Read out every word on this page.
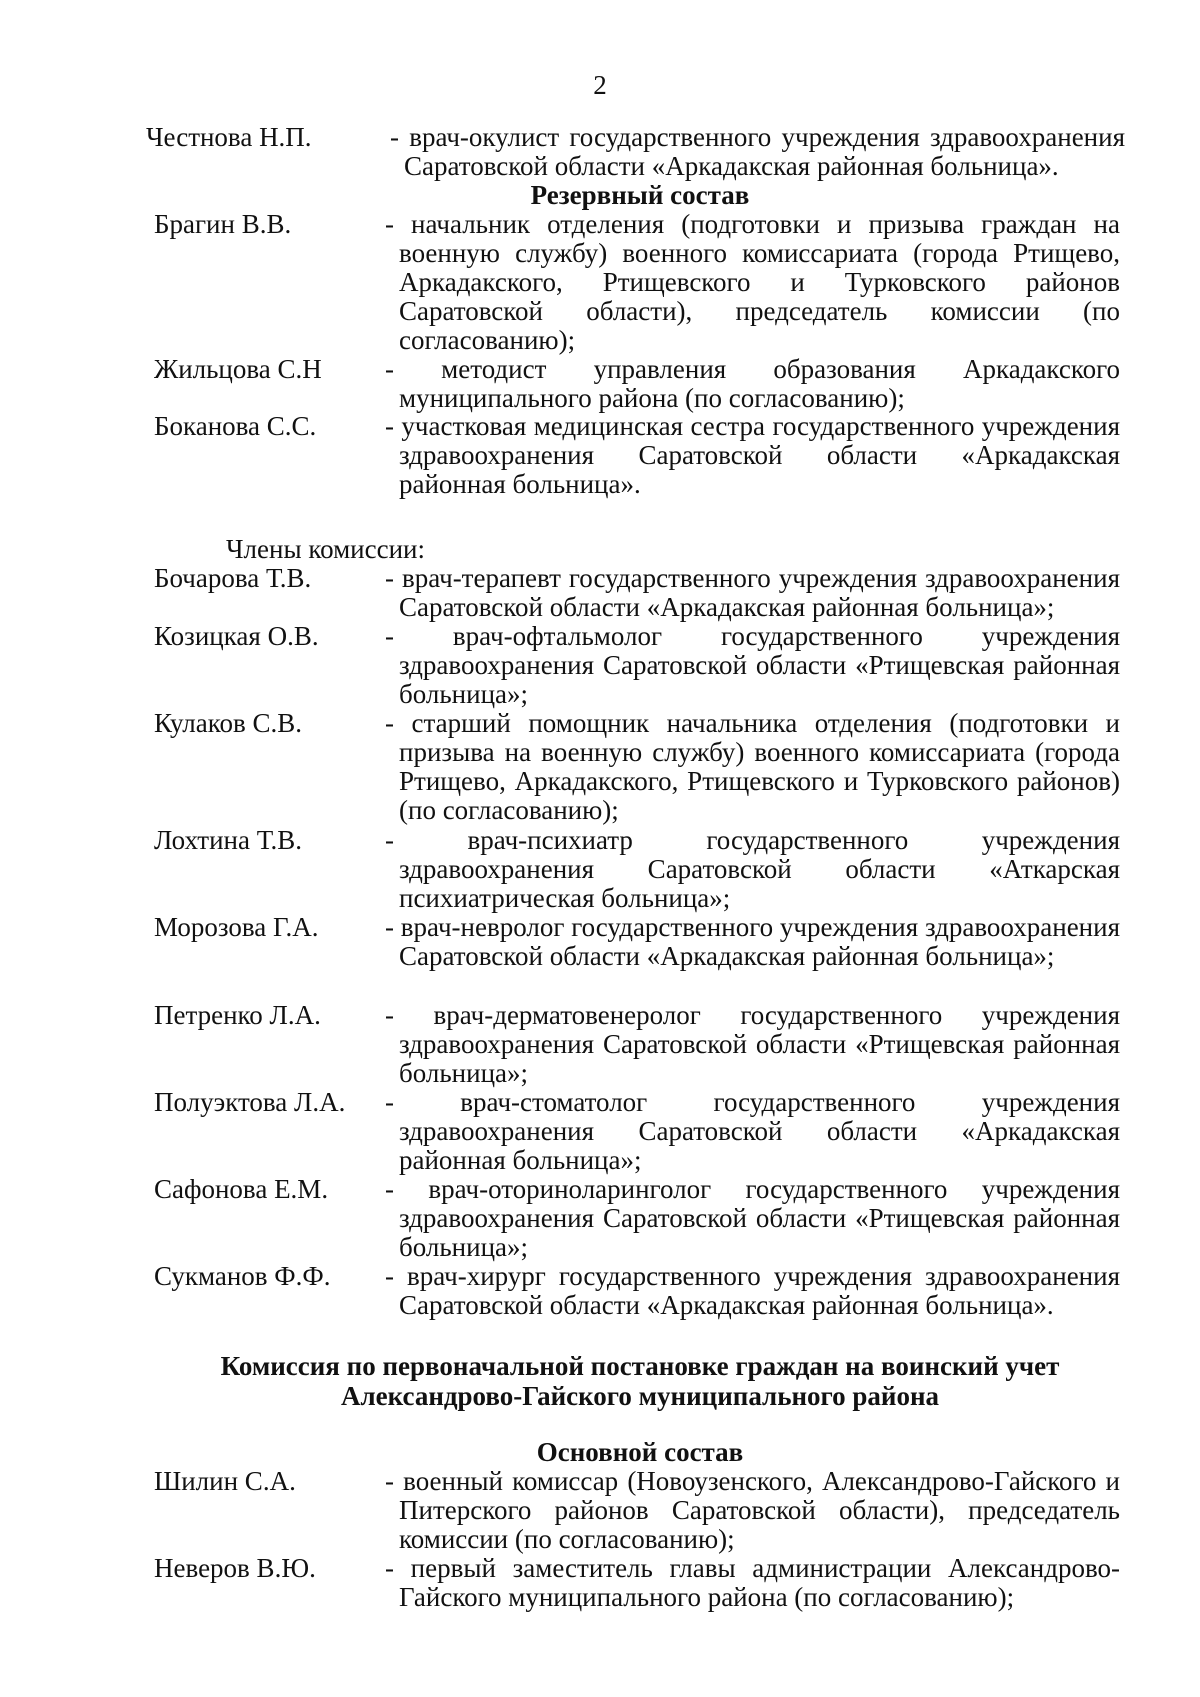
2
Честнова Н.П.	- врач-окулист государственного учреждения здравоохранения Саратовской области «Аркадакская районная больница».
Резервный состав
Брагин В.В.	- начальник отделения (подготовки и призыва граждан на военную службу) военного комиссариата (города Ртищево, Аркадакского, Ртищевского и Турковского районов Саратовской области), председатель комиссии (по согласованию);
Жильцова С.Н - методист управления образования Аркадакского муниципального района (по согласованию);
Боканова С.С.	- участковая медицинская сестра государственного учреждения здравоохранения Саратовской области «Аркадакская районная больница».
Члены комиссии:
Бочарова Т.В.	- врач-терапевт государственного учреждения здравоохранения Саратовской области «Аркадакская районная больница»;
Козицкая О.В. - врач-офтальмолог государственного учреждения здравоохранения Саратовской области «Ртищевская районная больница»;
Кулаков С.В.	- старший помощник начальника отделения (подготовки и призыва на военную службу) военного комиссариата (города Ртищево, Аркадакского, Ртищевского и Турковского районов) (по согласованию);
Лохтина Т.В.	- врач-психиатр государственного учреждения здравоохранения Саратовской области «Аткарская психиатрическая больница»;
Морозова Г.А. - врач-невролог государственного учреждения здравоохранения Саратовской области «Аркадакская районная больница»;
Петренко Л.А. - врач-дерматовенеролог государственного учреждения здравоохранения Саратовской области «Ртищевская районная больница»;
Полуэктова Л.А. - врач-стоматолог государственного учреждения здравоохранения Саратовской области «Аркадакская районная больница»;
Сафонова Е.М. - врач-оториноларинголог государственного учреждения здравоохранения Саратовской области «Ртищевская районная больница»;
Сукманов Ф.Ф. - врач-хирург государственного учреждения здравоохранения Саратовской области «Аркадакская районная больница».
Комиссия по первоначальной постановке граждан на воинский учет
Александрово-Гайского муниципального района
Основной состав
Шилин С.А.	- военный комиссар (Новоузенского, Александрово-Гайского и Питерского районов Саратовской области), председатель комиссии (по согласованию);
Неверов В.Ю.	- первый заместитель главы администрации Александрово-Гайского муниципального района (по согласованию);
